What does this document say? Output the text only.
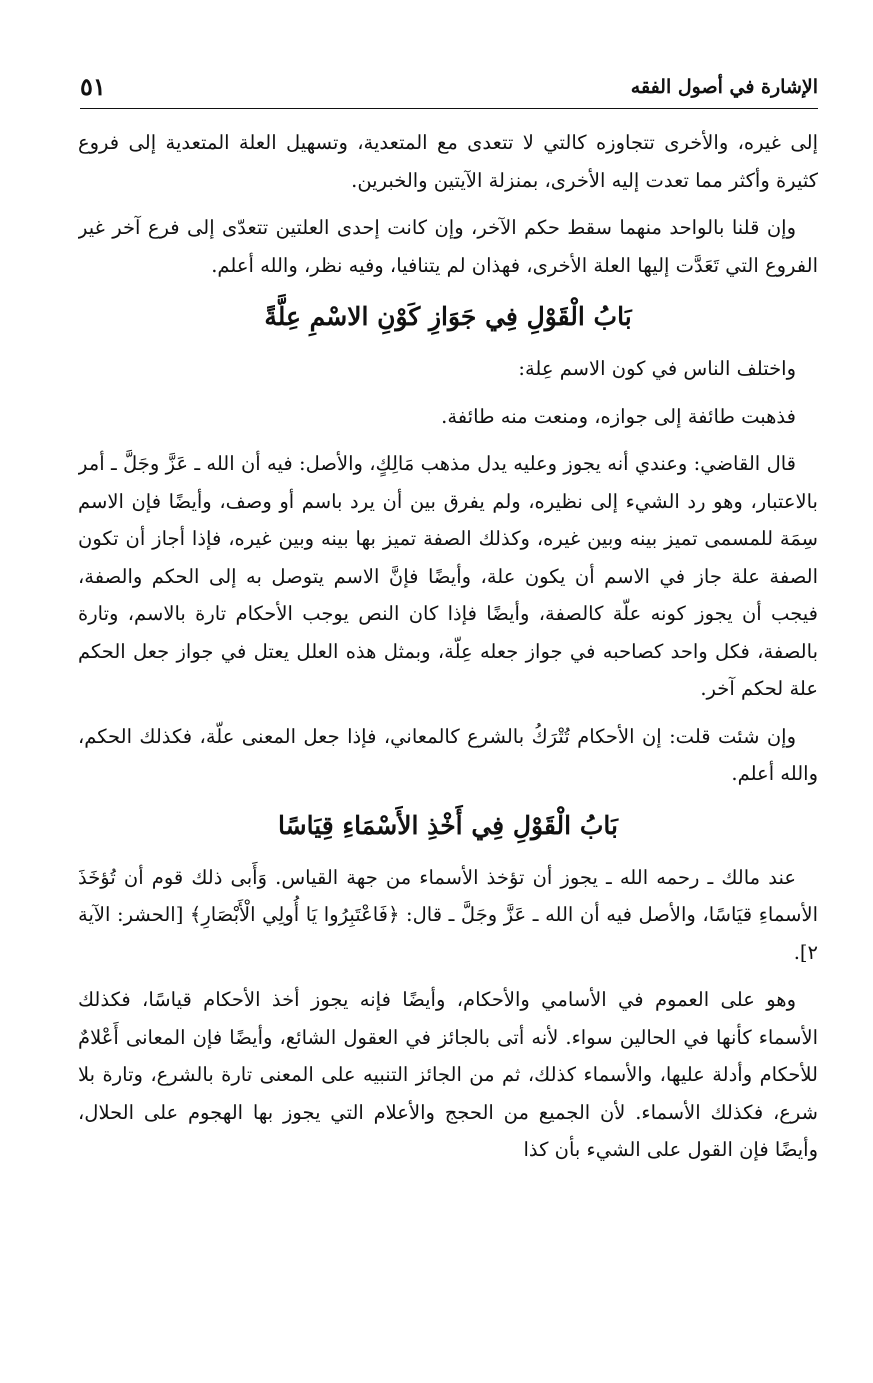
الإشارة في أصول الفقه
٥١

إلى غيره، والأخرى تتجاوزه كالتي لا تتعدى مع المتعدية، وتسهيل العلة المتعدية إلى فروع كثيرة وأكثر مما تعدت إليه الأخرى، بمنزلة الآيتين والخبرين.

وإن قلنا بالواحد منهما سقط حكم الآخر، وإن كانت إحدى العلتين تتعدّى إلى فرع آخر غير الفروع التي تَعَدَّت إليها العلة الأخرى، فهذان لم يتنافيا، وفيه نظر، والله أعلم.

بَابُ الْقَوْلِ فِي جَوَازِ كَوْنِ الاسْمِ عِلَّةً

واختلف الناس في كون الاسم عِلة:

فذهبت طائفة إلى جوازه، ومنعت منه طائفة.

قال القاضي: وعندي أنه يجوز وعليه يدل مذهب مَالِكٍ، والأصل: فيه أن الله ـ عَزَّ وجَلَّ ـ أمر بالاعتبار، وهو رد الشيء إلى نظيره، ولم يفرق بين أن يرد باسم أو وصف، وأيضًا فإن الاسم سِمَة للمسمى تميز بينه وبين غيره، وكذلك الصفة تميز بها بينه وبين غيره، فإذا أجاز أن تكون الصفة علة جاز في الاسم أن يكون علة، وأيضًا فإنَّ الاسم يتوصل به إلى الحكم والصفة، فيجب أن يجوز كونه علّة كالصفة، وأيضًا فإذا كان النص يوجب الأحكام تارة بالاسم، وتارة بالصفة، فكل واحد كصاحبه في جواز جعله عِلّة، وبمثل هذه العلل يعتل في جواز جعل الحكم علة لحكم آخر.

وإن شئت قلت: إن الأحكام تُتْرَكُ بالشرع كالمعاني، فإذا جعل المعنى علّة، فكذلك الحكم، والله أعلم.

بَابُ الْقَوْلِ فِي أَخْذِ الأَسْمَاءِ قِيَاسًا

عند مالك ـ رحمه الله ـ يجوز أن تؤخذ الأسماء من جهة القياس. وَأَبى ذلك قوم أن تُؤخَذَ الأسماءِ قيَاسًا، والأصل فيه أن الله ـ عَزَّ وجَلَّ ـ قال: ﴿فَاعْتَبِرُوا يَا أُولِي الْأَبْصَارِ﴾ [الحشر: الآية ٢].

وهو على العموم في الأسامي والأحكام، وأيضًا فإنه يجوز أخذ الأحكام قياسًا، فكذلك الأسماء كأنها في الحالين سواء. لأنه أتى بالجائز في العقول الشائع، وأيضًا فإن المعانى أَعْلامٌ للأحكام وأدلة عليها، والأسماء كذلك، ثم من الجائز التنبيه على المعنى تارة بالشرع، وتارة بلا شرع، فكذلك الأسماء. لأن الجميع من الحجج والأعلام التي يجوز بها الهجوم على الحلال، وأيضًا فإن القول على الشيء بأن كذا
